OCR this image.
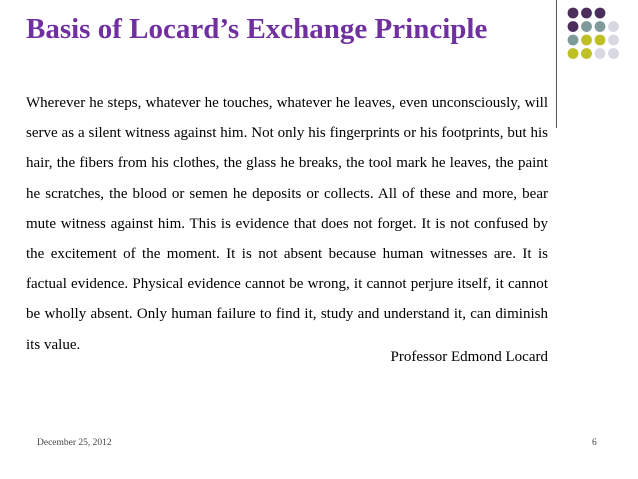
Basis of Locard’s Exchange Principle

Wherever he steps, whatever he touches, whatever he leaves, even unconsciously, will serve as a silent witness against him. Not only his fingerprints or his footprints, but his hair, the fibers from his clothes, the glass he breaks, the tool mark he leaves, the paint he scratches, the blood or semen he deposits or collects. All of these and more, bear mute witness against him. This is evidence that does not forget. It is not confused by the excitement of the moment. It is not absent because human witnesses are. It is factual evidence. Physical evidence cannot be wrong, it cannot perjure itself, it cannot be wholly absent. Only human failure to find it, study and understand it, can diminish its value.

Professor Edmond Locard
December 25, 2012	6
